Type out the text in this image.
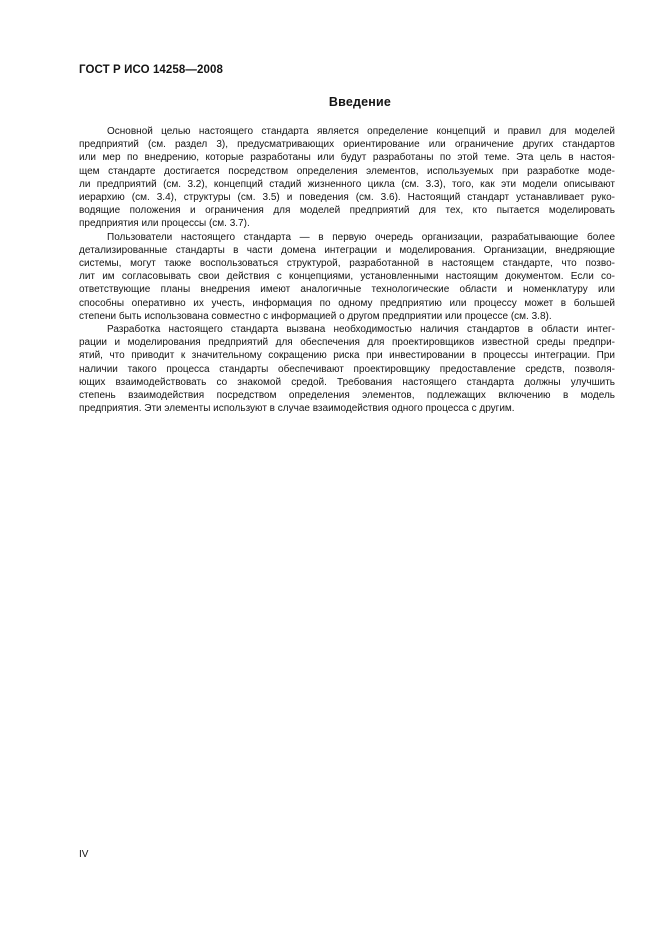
ГОСТ Р ИСО 14258—2008
Введение
Основной целью настоящего стандарта является определение концепций и правил для моделей
предприятий (см. раздел 3), предусматривающих ориентирование или ограничение других стандартов
или мер по внедрению, которые разработаны или будут разработаны по этой теме. Эта цель в настоя-
щем стандарте достигается посредством определения элементов, используемых при разработке моде-
ли предприятий (см. 3.2), концепций стадий жизненного цикла (см. 3.3), того, как эти модели описывают
иерархию (см. 3.4), структуры (см. 3.5) и поведения (см. 3.6). Настоящий стандарт устанавливает руко-
водящие положения и ограничения для моделей предприятий для тех, кто пытается моделировать
предприятия или процессы (см. 3.7).
Пользователи настоящего стандарта — в первую очередь организации, разрабатывающие более
детализированные стандарты в части домена интеграции и моделирования. Организации, внедряющие
системы, могут также воспользоваться структурой, разработанной в настоящем стандарте, что позво-
лит им согласовывать свои действия с концепциями, установленными настоящим документом. Если со-
ответствующие планы внедрения имеют аналогичные технологические области и номенклатуру или
способны оперативно их учесть, информация по одному предприятию или процессу может в большей
степени быть использована совместно с информацией о другом предприятии или процессе (см. 3.8).
Разработка настоящего стандарта вызвана необходимостью наличия стандартов в области интег-
рации и моделирования предприятий для обеспечения для проектировщиков известной среды предпри-
ятий, что приводит к значительному сокращению риска при инвестировании в процессы интеграции. При
наличии такого процесса стандарты обеспечивают проектировщику предоставление средств, позволя-
ющих взаимодействовать со знакомой средой. Требования настоящего стандарта должны улучшить
степень взаимодействия посредством определения элементов, подлежащих включению в модель
предприятия. Эти элементы используют в случае взаимодействия одного процесса с другим.
IV
